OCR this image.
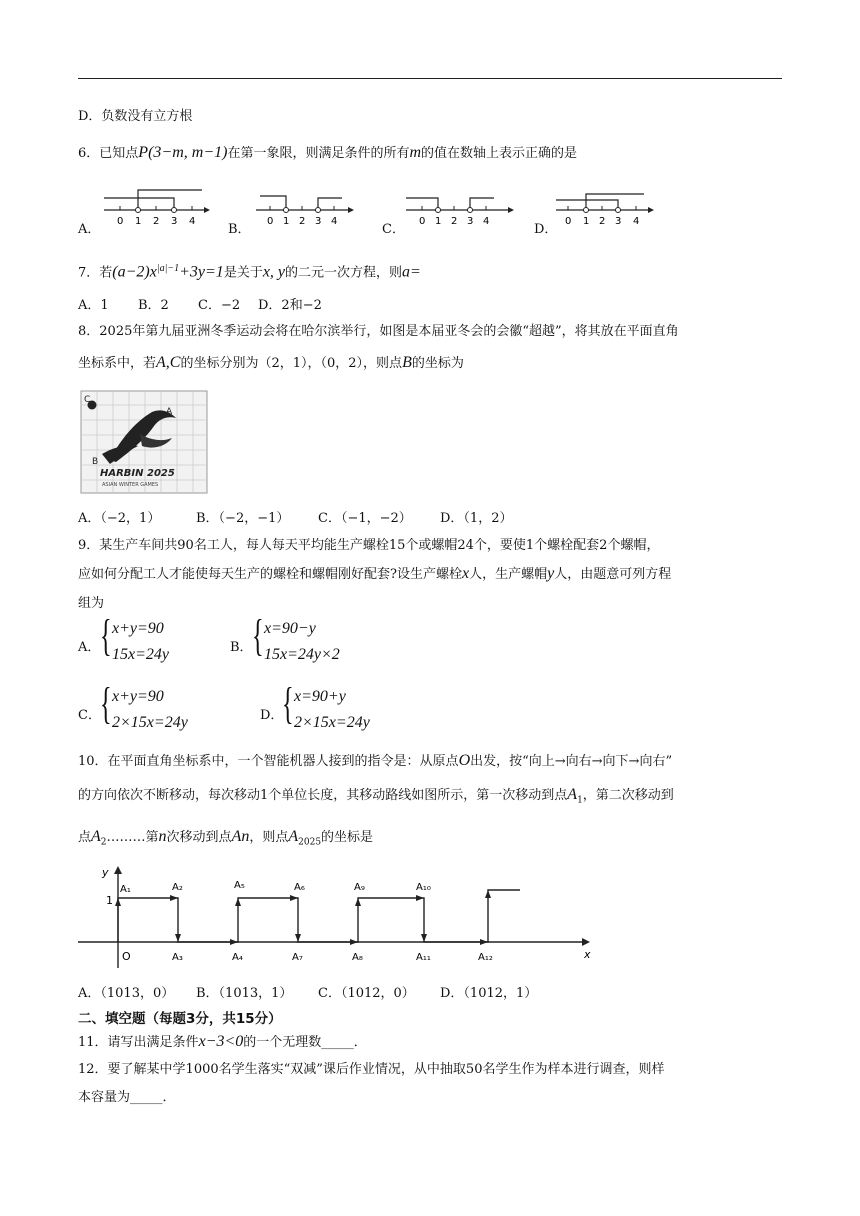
D．负数没有立方根
6．已知点P(3−m, m−1)在第一象限，则满足条件的所有m的值在数轴上表示正确的是
A．
0 1 2 3 4
B．
0 1 2 3 4
C．
0 1 2 3 4
D．
0 1 2 3 4
7．若$(a-2)x^{|a|-1}+3y=1$是关于x, y的二元一次方程，则a=
A．1 B．2 C．−2 D．2和−2
8．2025年第九届亚洲冬季运动会将在哈尔滨举行，如图是本届亚冬会的会徽“超越”，将其放在平面直角
坐标系中，若A,C的坐标分别为（2，1），（0，2），则点B的坐标为
C
A
B
HARBIN 2025
ASIAN WINTER GAMES
A．（−2，1）	B．（−2，−1） C．（−1，−2） D．（1，2）
9．某生产车间共90名工人，每人每天平均能生产螺栓15个或螺帽24个，要使1个螺栓配套2个螺帽，
应如何分配工人才能使每天生产的螺栓和螺帽刚好配套?设生产螺栓x人，生产螺帽y人，由题意可列方程
组为
A． { x+y=90
15x=24y	B． { x=90−y
15x=24y×2
C． { x+y=90
2×15x=24y	D．
{ x=90+y
2×15x=24y
10．在平面直角坐标系中，一个智能机器人接到的指令是：从原点O出发，按“向上→向右→向下→向右”
的方向依次不断移动，每次移动1个单位长度，其移动路线如图所示，第一次移动到点$A_1$，第二次移动到
点$A_2\dots\dots\dots$第n次移动到点An，则点$A_{2025}$的坐标是
y
x
O
1
A₁	A₂
A₃	A₄
A₅	A₆
A₇	A₈
A₉	A₁₀
A₁₁	A₁₂
A．（1013，0） B．（1013，1） C．（1012，0） D．（1012，1）
二、填空题（每题3分，共15分）
11．请写出满足条件x−3<0的一个无理数_____．
12．要了解某中学1000名学生落实“双减”课后作业情况，从中抽取50名学生作为样本进行调查，则样
本容量为_____．
